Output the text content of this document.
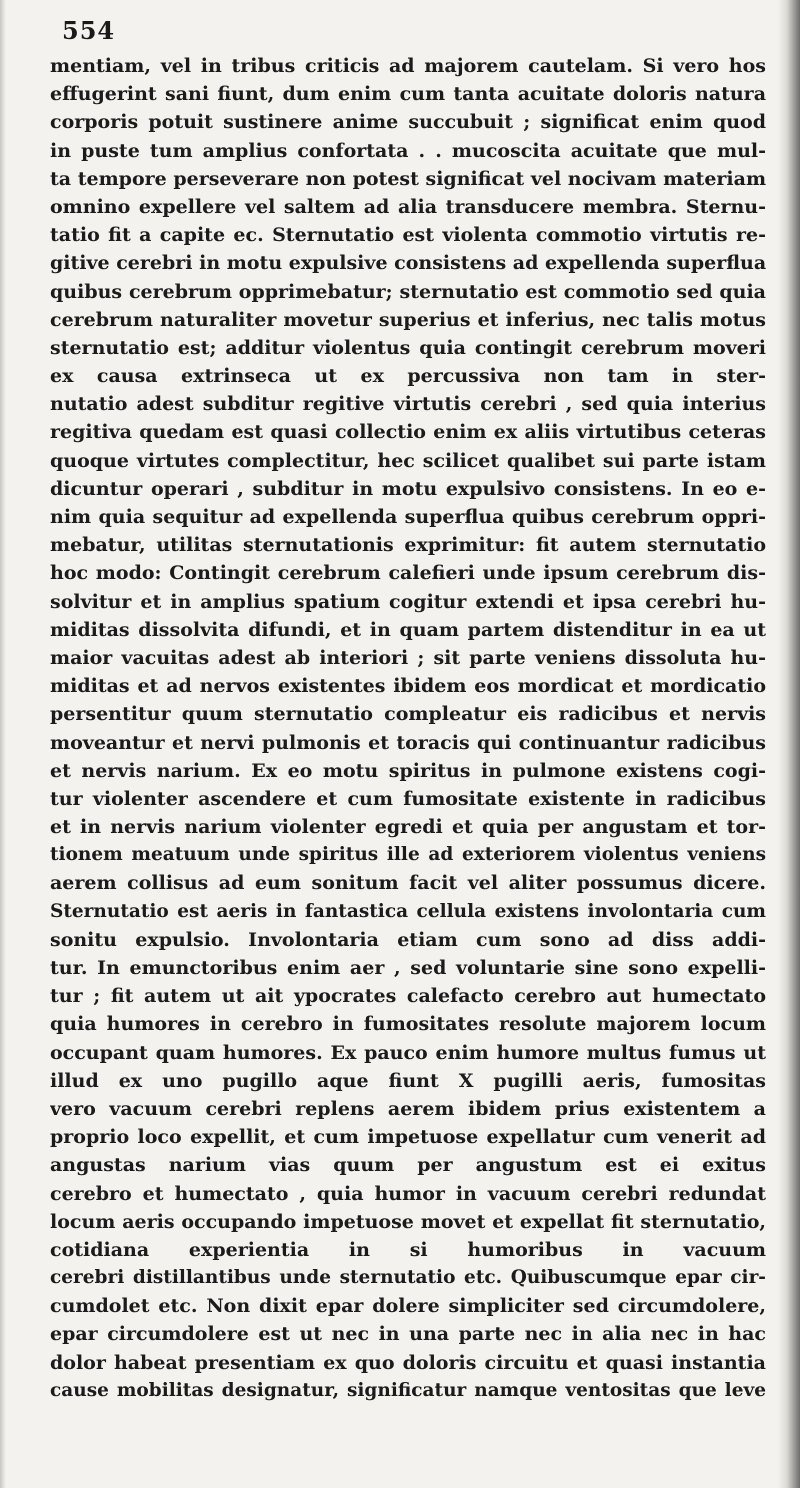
554
mentiam, vel in tribus criticis ad majorem cautelam. Si vero hos
effugerint sani fiunt, dum enim cum tanta acuitate doloris natura
corporis potuit sustinere anime succubuit ; significat enim quod
in puste tum amplius confortata . . mucoscita acuitate que mul-
ta tempore perseverare non potest significat vel nocivam materiam
omnino expellere vel saltem ad alia transducere membra. Sternu-
tatio fit a capite ec. Sternutatio est violenta commotio virtutis re-
gitive cerebri in motu expulsive consistens ad expellenda superflua
quibus cerebrum opprimebatur; sternutatio est commotio sed quia
cerebrum naturaliter movetur superius et inferius, nec talis motus
sternutatio est; additur violentus quia contingit cerebrum moveri
ex causa extrinseca ut ex percussiva non tam in ster-
nutatio adest subditur regitive virtutis cerebri , sed quia interius
regitiva quedam est quasi collectio enim ex aliis virtutibus ceteras
quoque virtutes complectitur, hec scilicet qualibet sui parte istam
dicuntur operari , subditur in motu expulsivo consistens. In eo e-
nim quia sequitur ad expellenda superflua quibus cerebrum oppri-
mebatur, utilitas sternutationis exprimitur: fit autem sternutatio
hoc modo: Contingit cerebrum calefieri unde ipsum cerebrum dis-
solvitur et in amplius spatium cogitur extendi et ipsa cerebri hu-
miditas dissolvita difundi, et in quam partem distenditur in ea ut
maior vacuitas adest ab interiori ; sit parte veniens dissoluta hu-
miditas et ad nervos existentes ibidem eos mordicat et mordicatio
persentitur quum sternutatio compleatur eis radicibus et nervis
moveantur et nervi pulmonis et toracis qui continuantur radicibus
et nervis narium. Ex eo motu spiritus in pulmone existens cogi-
tur violenter ascendere et cum fumositate existente in radicibus
et in nervis narium violenter egredi et quia per angustam et tor-
tionem meatuum unde spiritus ille ad exteriorem violentus veniens
aerem collisus ad eum sonitum facit vel aliter possumus dicere.
Sternutatio est aeris in fantastica cellula existens involontaria cum
sonitu expulsio. Involontaria etiam cum sono ad diss addi-
tur. In emunctoribus enim aer , sed voluntarie sine sono expelli-
tur ; fit autem ut ait ypocrates calefacto cerebro aut humectato
quia humores in cerebro in fumositates resolute majorem locum
occupant quam humores. Ex pauco enim humore multus fumus ut
illud ex uno pugillo aque fiunt X pugilli aeris, fumositas
vero vacuum cerebri replens aerem ibidem prius existentem a
proprio loco expellit, et cum impetuose expellatur cum venerit ad
angustas narium vias quum per angustum est ei exitus
cerebro et humectato , quia humor in vacuum cerebri redundat
locum aeris occupando impetuose movet et expellat fit sternutatio,
cotidiana experientia in si humoribus in vacuum
cerebri distillantibus unde sternutatio etc. Quibuscumque epar cir-
cumdolet etc. Non dixit epar dolere simpliciter sed circumdolere,
epar circumdolere est ut nec in una parte nec in alia nec in hac
dolor habeat presentiam ex quo doloris circuitu et quasi instantia
cause mobilitas designatur, significatur namque ventositas que leve
